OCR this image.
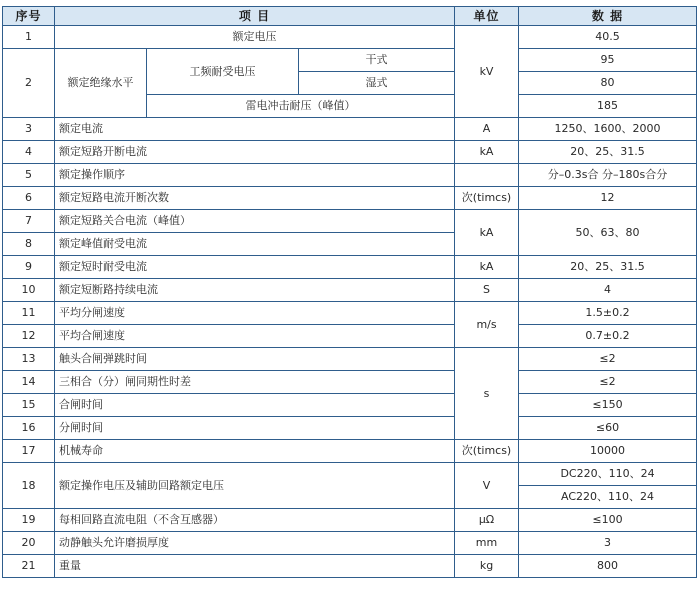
序号	项 目			单位	数 据
1	额定电压			kV	40.5
2	额定绝缘水平	工频耐受电压	干式		95
			湿式		80
		雷电冲击耐压（峰值）			185
3	额定电流			A	1250、1600、2000
4	额定短路开断电流			kA	20、25、31.5
5	额定操作顺序				分–0.3s合 分–180s合分
6	额定短路电流开断次数			次(timcs)	12
7	额定短路关合电流（峰值）			kA	50、63、80
8	额定峰值耐受电流				
9	额定短时耐受电流			kA	20、25、31.5
10	额定短断路持续电流			S	4
11	平均分闸速度			m/s	1.5±0.2
12	平均合闸速度				0.7±0.2
13	触头合闸弹跳时间			s	≤2
14	三相合（分）闸同期性时差				≤2
15	合闸时间				≤150
16	分闸时间				≤60
17	机械寿命			次(timcs)	10000
18	额定操作电压及辅助回路额定电压			V	DC220、110、24
					AC220、110、24
19	每相回路直流电阻（不含互感器）			μΩ	≤100
20	动静触头允许磨损厚度			mm	3
21	重量			kg	800
